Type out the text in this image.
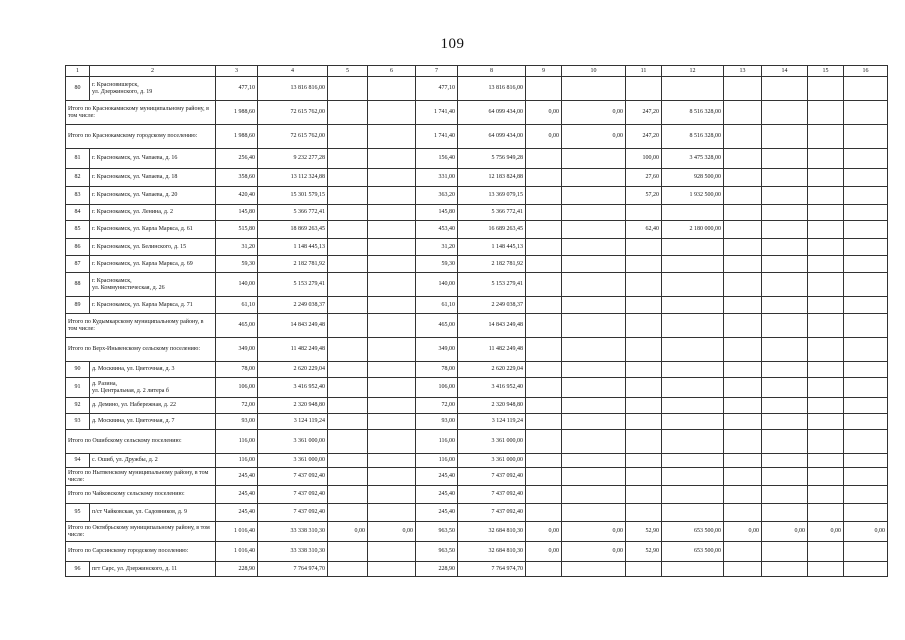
109
1	2	3	4	5	6	7	8	9	10	11	12	13	14	15	16
80	г. Красновишерск,
ул. Дзержинского, д. 19	477,10	13 816 816,00			477,10	13 816 816,00								
Итого по Краснокамискому муниципальному району, в том числе:		1 988,60	72 615 762,00			1 741,40	64 099 434,00	0,00	0,00	247,20	8 516 328,00				
Итого по Краснокамскому городскому поселению:		1 988,60	72 615 762,00			1 741,40	64 099 434,00	0,00	0,00	247,20	8 516 328,00				
81	г. Краснокамск, ул. Чапаева, д. 16	256,40	9 232 277,28			156,40	5 756 949,28			100,00	3 475 328,00				
82	г. Краснокамск, ул. Чапаева, д. 18	358,60	13 112 324,88			331,00	12 183 824,88			27,60	928 500,00				
83	г. Краснокамск, ул. Чапаева, д. 20	420,40	15 301 579,15			363,20	13 369 079,15			57,20	1 932 500,00				
84	г. Краснокамск, ул. Ленина, д. 2	145,80	5 366 772,41			145,80	5 366 772,41								
85	г. Краснокамск, ул. Карла Маркса, д. 61	515,80	18 869 263,45			453,40	16 689 263,45			62,40	2 180 000,00				
86	г. Краснокамск, ул. Белинского, д. 15	31,20	1 148 445,13			31,20	1 148 445,13								
87	г. Краснокамск, ул. Карла Маркса, д. 69	59,30	2 182 781,92			59,30	2 182 781,92								
88	г. Краснокамск,
ул. Коммунистическая, д. 26	140,00	5 153 279,41			140,00	5 153 279,41								
89	г. Краснокамск, ул. Карла Маркса, д. 71	61,10	2 249 038,37			61,10	2 249 038,37								
Итого по Кудымкарскому муниципальному району, в том числе:		465,00	14 843 249,48			465,00	14 843 249,48								
Итого по Верх-Иньвенскому сельскому поселению:		349,00	11 482 249,48			349,00	11 482 249,48								
90	д. Москвина, ул. Цветочная, д. 3	78,00	2 620 229,04			78,00	2 620 229,04								
91	д. Разина,
ул. Центральная, д. 2 литера б	106,00	3 416 952,40			106,00	3 416 952,40								
92	д. Демино, ул. Набережная, д. 22	72,00	2 320 948,80			72,00	2 320 948,80								
93	д. Москвина, ул. Цветочная, д. 7	93,00	3 124 119,24			93,00	3 124 119,24								
Итого по Ошибскому сельскому поселению:		116,00	3 361 000,00			116,00	3 361 000,00								
94	с. Ошиб, ул. Дружбы, д. 2	116,00	3 361 000,00			116,00	3 361 000,00								
Итого по Нытвенскому муниципальному району, в том числе:		245,40	7 437 092,40			245,40	7 437 092,40								
Итого по Чайковскому сельскому поселению:		245,40	7 437 092,40			245,40	7 437 092,40								
95	п/ст Чайковская, ул. Садовников, д. 9	245,40	7 437 092,40			245,40	7 437 092,40								
Итого по Октябрьскому муниципальному району, в том числе:		1 016,40	33 338 310,30	0,00	0,00	963,50	32 684 810,30	0,00	0,00	52,90	653 500,00	0,00	0,00	0,00	0,00
Итого по Сарсинскому городскому поселению:		1 016,40	33 338 310,30			963,50	32 684 810,30	0,00	0,00	52,90	653 500,00				
96	пгт Сарс, ул. Дзержинского, д. 11	228,90	7 764 974,70			228,90	7 764 974,70								
